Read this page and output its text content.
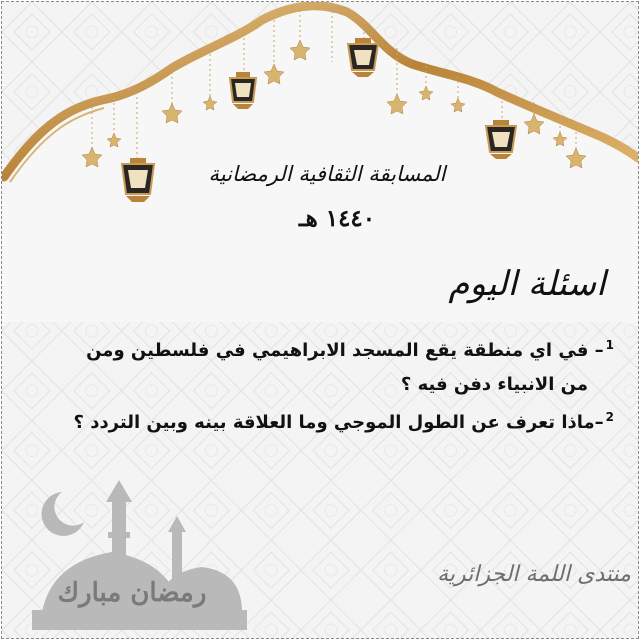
المسابقة الثقافية الرمضانية
١٤٤٠ هـ
اسئلة اليوم
$^1$– في اي منطقة يقع المسجد الابراهيمي في فلسطين ومن
من الانبياء دفن فيه ؟
$^2$–ماذا تعرف عن الطول الموجي وما العلاقة بينه وبين التردد ؟
رمضان مبارك
منتدى اللمة الجزائرية
